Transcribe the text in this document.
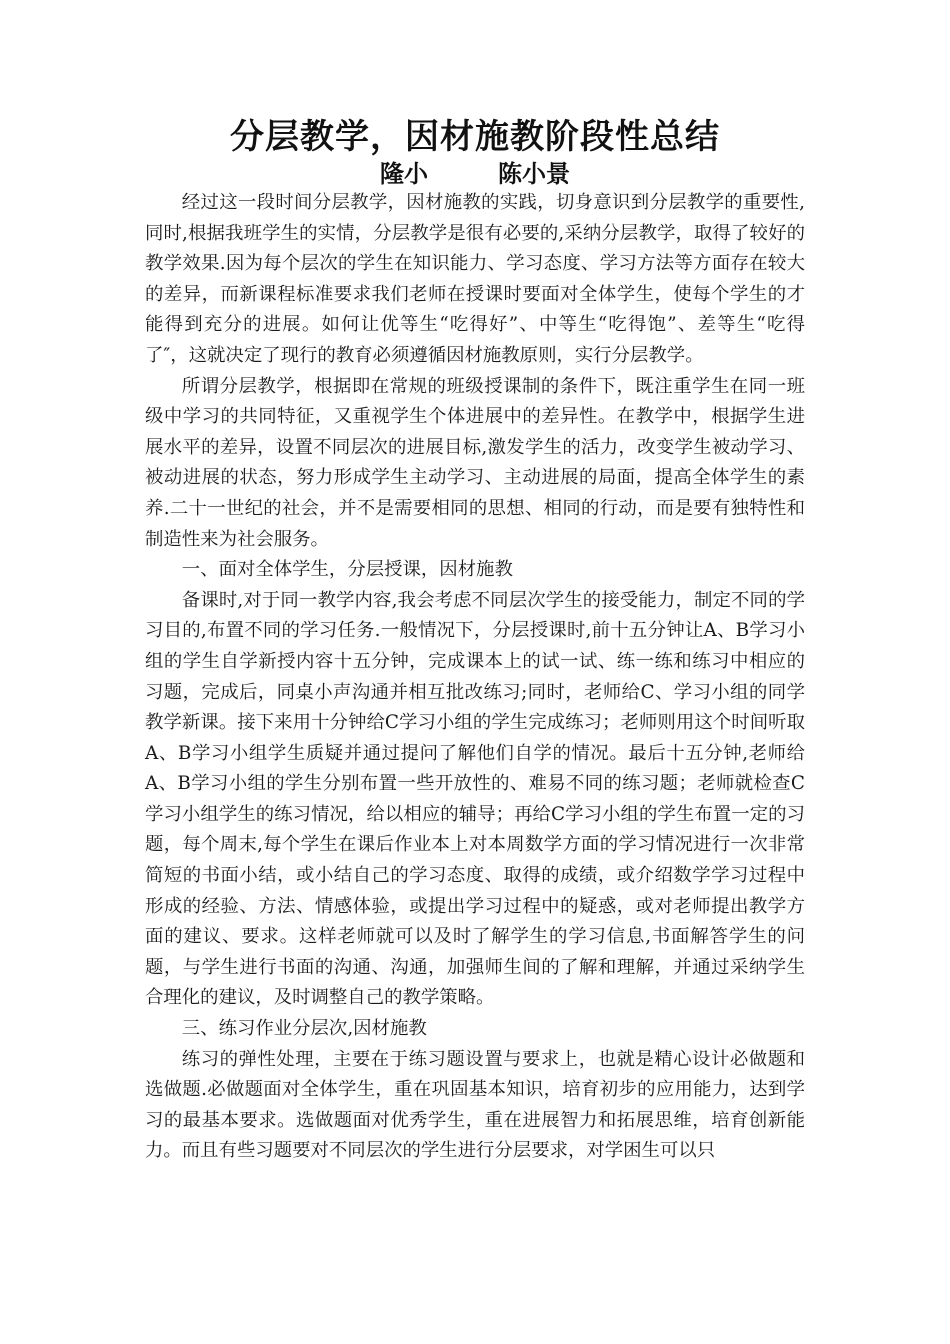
分层教学，因材施教阶段性总结
隆小	陈小景

经过这一段时间分层教学，因材施教的实践，切身意识到分层教学的重要性,同时,根据我班学生的实情，分层教学是很有必要的,采纳分层教学，取得了较好的教学效果.因为每个层次的学生在知识能力、学习态度、学习方法等方面存在较大的差异，而新课程标准要求我们老师在授课时要面对全体学生，使每个学生的才能得到充分的进展。如何让优等生“吃得好”、中等生“吃得饱”、差等生“吃得了″，这就决定了现行的教育必须遵循因材施教原则，实行分层教学。

所谓分层教学，根据即在常规的班级授课制的条件下，既注重学生在同一班级中学习的共同特征，又重视学生个体进展中的差异性。在教学中，根据学生进展水平的差异，设置不同层次的进展目标,激发学生的活力，改变学生被动学习、被动进展的状态，努力形成学生主动学习、主动进展的局面，提高全体学生的素养.二十一世纪的社会，并不是需要相同的思想、相同的行动，而是要有独特性和制造性来为社会服务。

一、面对全体学生，分层授课，因材施教

备课时,对于同一教学内容,我会考虑不同层次学生的接受能力，制定不同的学习目的,布置不同的学习任务.一般情况下，分层授课时,前十五分钟让A、B学习小组的学生自学新授内容十五分钟，完成课本上的试一试、练一练和练习中相应的习题，完成后，同桌小声沟通并相互批改练习;同时，老师给C、学习小组的同学教学新课。接下来用十分钟给C学习小组的学生完成练习；老师则用这个时间听取A、B学习小组学生质疑并通过提问了解他们自学的情况。最后十五分钟,老师给A、B学习小组的学生分别布置一些开放性的、难易不同的练习题；老师就检查C学习小组学生的练习情况，给以相应的辅导；再给C学习小组的学生布置一定的习题，每个周末,每个学生在课后作业本上对本周数学方面的学习情况进行一次非常简短的书面小结，或小结自己的学习态度、取得的成绩，或介绍数学学习过程中形成的经验、方法、情感体验，或提出学习过程中的疑惑，或对老师提出教学方面的建议、要求。这样老师就可以及时了解学生的学习信息,书面解答学生的问题，与学生进行书面的沟通、沟通，加强师生间的了解和理解，并通过采纳学生合理化的建议，及时调整自己的教学策略。

三、练习作业分层次,因材施教

练习的弹性处理，主要在于练习题设置与要求上，也就是精心设计必做题和选做题.必做题面对全体学生，重在巩固基本知识，培育初步的应用能力，达到学习的最基本要求。选做题面对优秀学生，重在进展智力和拓展思维，培育创新能力。而且有些习题要对不同层次的学生进行分层要求，对学困生可以只
